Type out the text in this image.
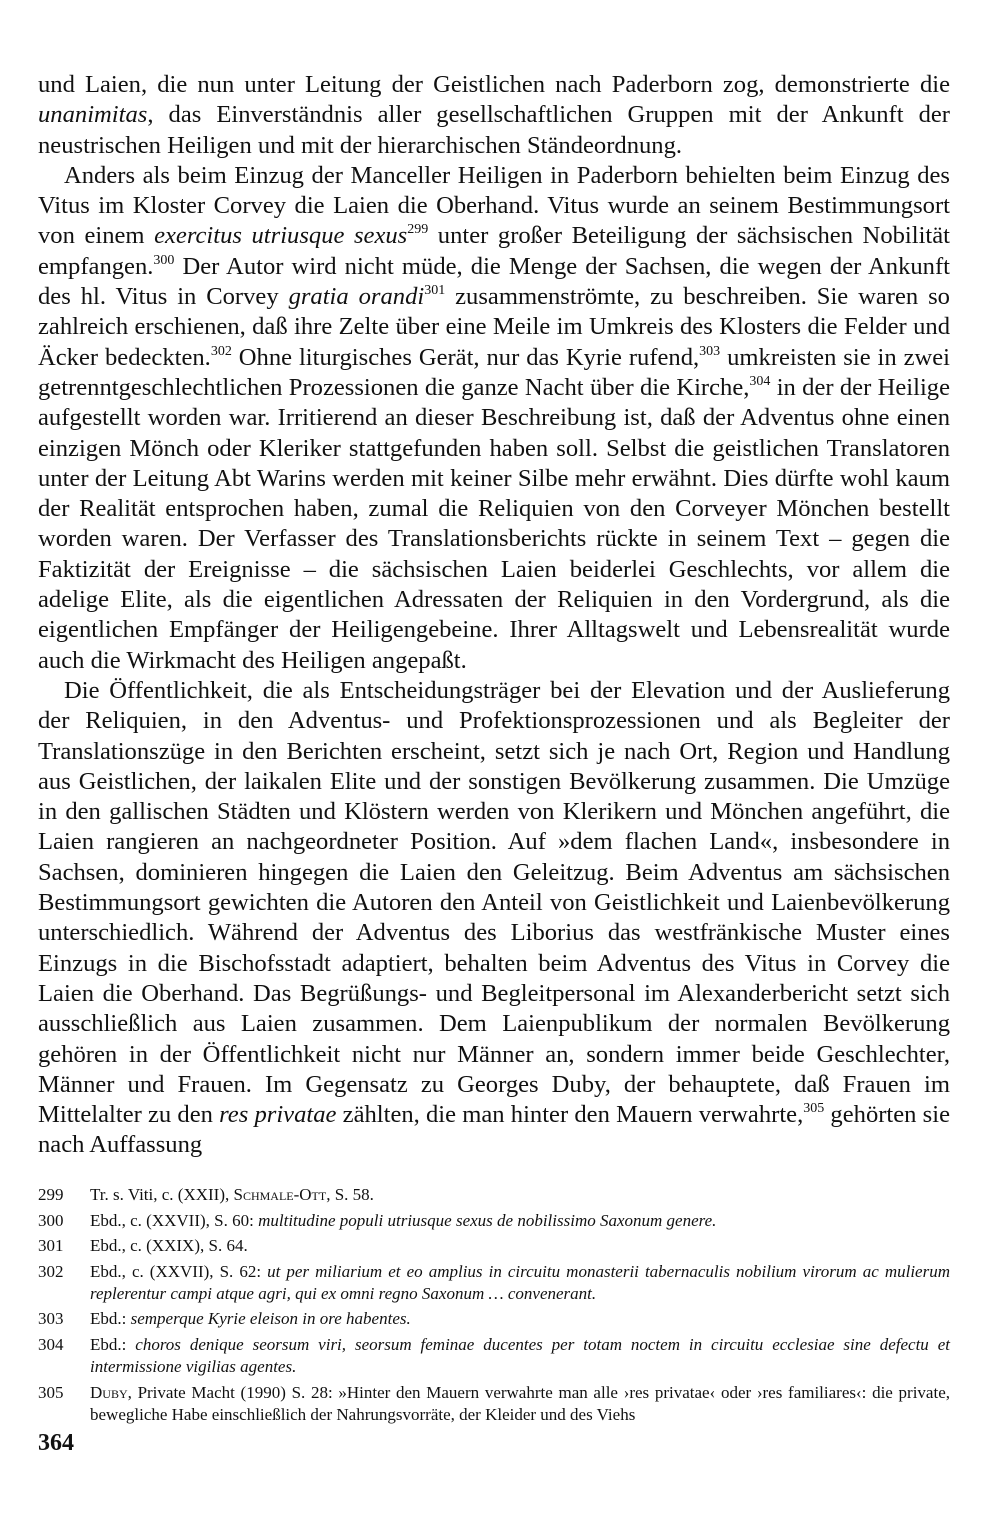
und Laien, die nun unter Leitung der Geistlichen nach Paderborn zog, demonstrierte die unanimitas, das Einverständnis aller gesellschaftlichen Gruppen mit der Ankunft der neustrischen Heiligen und mit der hierarchischen Ständeordnung.

Anders als beim Einzug der Manceller Heiligen in Paderborn behielten beim Einzug des Vitus im Kloster Corvey die Laien die Oberhand. Vitus wurde an seinem Bestimmungsort von einem exercitus utriusque sexus$^{299}$ unter großer Beteiligung der sächsischen Nobilität empfangen.$^{300}$ Der Autor wird nicht müde, die Menge der Sachsen, die wegen der Ankunft des hl. Vitus in Corvey gratia orandi$^{301}$ zusammenströmte, zu beschreiben. Sie waren so zahlreich erschienen, daß ihre Zelte über eine Meile im Umkreis des Klosters die Felder und Äcker bedeckten.$^{302}$ Ohne liturgisches Gerät, nur das Kyrie rufend,$^{303}$ umkreisten sie in zwei getrenntgeschlechtlichen Prozessionen die ganze Nacht über die Kirche,$^{304}$ in der der Heilige aufgestellt worden war. Irritierend an dieser Beschreibung ist, daß der Adventus ohne einen einzigen Mönch oder Kleriker stattgefunden haben soll. Selbst die geistlichen Translatoren unter der Leitung Abt Warins werden mit keiner Silbe mehr erwähnt. Dies dürfte wohl kaum der Realität entsprochen haben, zumal die Reliquien von den Corveyer Mönchen bestellt worden waren. Der Verfasser des Translationsberichts rückte in seinem Text – gegen die Faktizität der Ereignisse – die sächsischen Laien beiderlei Geschlechts, vor allem die adelige Elite, als die eigentlichen Adressaten der Reliquien in den Vordergrund, als die eigentlichen Empfänger der Heiligengebeine. Ihrer Alltagswelt und Lebensrealität wurde auch die Wirkmacht des Heiligen angepaßt.

Die Öffentlichkeit, die als Entscheidungsträger bei der Elevation und der Auslieferung der Reliquien, in den Adventus- und Profektionsprozessionen und als Begleiter der Translationszüge in den Berichten erscheint, setzt sich je nach Ort, Region und Handlung aus Geistlichen, der laikalen Elite und der sonstigen Bevölkerung zusammen. Die Umzüge in den gallischen Städten und Klöstern werden von Klerikern und Mönchen angeführt, die Laien rangieren an nachgeordneter Position. Auf »dem flachen Land«, insbesondere in Sachsen, dominieren hingegen die Laien den Geleitzug. Beim Adventus am sächsischen Bestimmungsort gewichten die Autoren den Anteil von Geistlichkeit und Laienbevölkerung unterschiedlich. Während der Adventus des Liborius das westfränkische Muster eines Einzugs in die Bischofsstadt adaptiert, behalten beim Adventus des Vitus in Corvey die Laien die Oberhand. Das Begrüßungs- und Begleitpersonal im Alexanderbericht setzt sich ausschließlich aus Laien zusammen. Dem Laienpublikum der normalen Bevölkerung gehören in der Öffentlichkeit nicht nur Männer an, sondern immer beide Geschlechter, Männer und Frauen. Im Gegensatz zu Georges Duby, der behauptete, daß Frauen im Mittelalter zu den res privatae zählten, die man hinter den Mauern verwahrte,$^{305}$ gehörten sie nach Auffassung

299	Tr. s. Viti, c. (XXII), Schmale-Ott, S. 58.
300	Ebd., c. (XXVII), S. 60: multitudine populi utriusque sexus de nobilissimo Saxonum genere.
301	Ebd., c. (XXIX), S. 64.
302	Ebd., c. (XXVII), S. 62: ut per miliarium et eo amplius in circuitu monasterii tabernaculis nobilium virorum ac mulierum replerentur campi atque agri, qui ex omni regno Saxonum … convenerant.
303	Ebd.: semperque Kyrie eleison in ore habentes.
304	Ebd.: choros denique seorsum viri, seorsum feminae ducentes per totam noctem in circuitu ecclesiae sine defectu et intermissione vigilias agentes.
305	Duby, Private Macht (1990) S. 28: »Hinter den Mauern verwahrte man alle ›res privatae‹ oder ›res familiares‹: die private, bewegliche Habe einschließlich der Nahrungsvorräte, der Kleider und des Viehs
364
